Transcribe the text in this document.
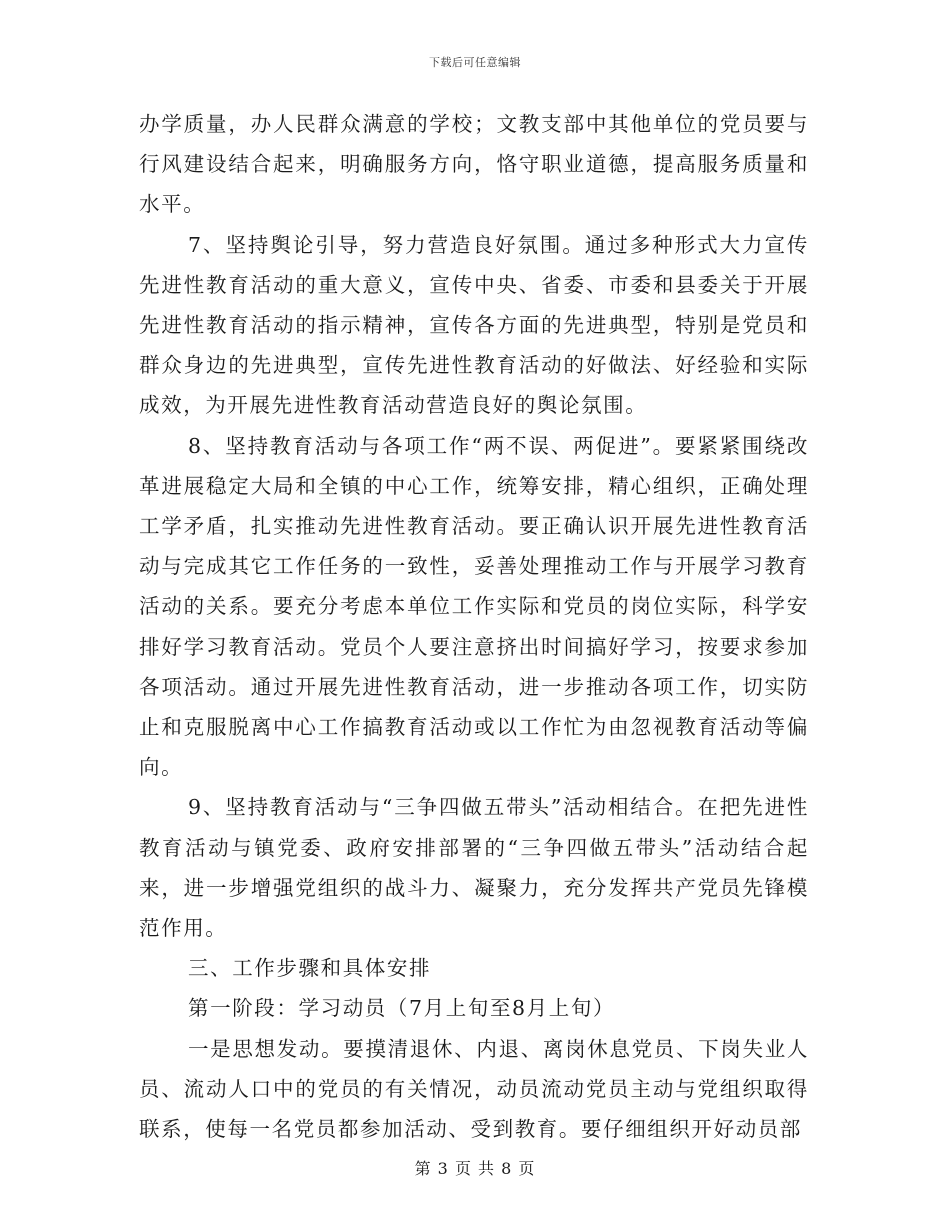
下载后可任意编辑

办学质量，办人民群众满意的学校；文教支部中其他单位的党员要与行风建设结合起来，明确服务方向，恪守职业道德，提高服务质量和水平。

7、坚持舆论引导，努力营造良好氛围。通过多种形式大力宣传先进性教育活动的重大意义，宣传中央、省委、市委和县委关于开展先进性教育活动的指示精神，宣传各方面的先进典型，特别是党员和群众身边的先进典型，宣传先进性教育活动的好做法、好经验和实际成效，为开展先进性教育活动营造良好的舆论氛围。

8、坚持教育活动与各项工作“两不误、两促进”。要紧紧围绕改革进展稳定大局和全镇的中心工作，统筹安排，精心组织，正确处理工学矛盾，扎实推动先进性教育活动。要正确认识开展先进性教育活动与完成其它工作任务的一致性，妥善处理推动工作与开展学习教育活动的关系。要充分考虑本单位工作实际和党员的岗位实际，科学安排好学习教育活动。党员个人要注意挤出时间搞好学习，按要求参加各项活动。通过开展先进性教育活动，进一步推动各项工作，切实防止和克服脱离中心工作搞教育活动或以工作忙为由忽视教育活动等偏向。

9、坚持教育活动与“三争四做五带头”活动相结合。在把先进性教育活动与镇党委、政府安排部署的“三争四做五带头”活动结合起来，进一步增强党组织的战斗力、凝聚力，充分发挥共产党员先锋模范作用。

三、工作步骤和具体安排

第一阶段：学习动员（7月上旬至8月上旬）

一是思想发动。要摸清退休、内退、离岗休息党员、下岗失业人员、流动人口中的党员的有关情况，动员流动党员主动与党组织取得联系，使每一名党员都参加活动、受到教育。要仔细组织开好动员部

第 3 页 共 8 页
